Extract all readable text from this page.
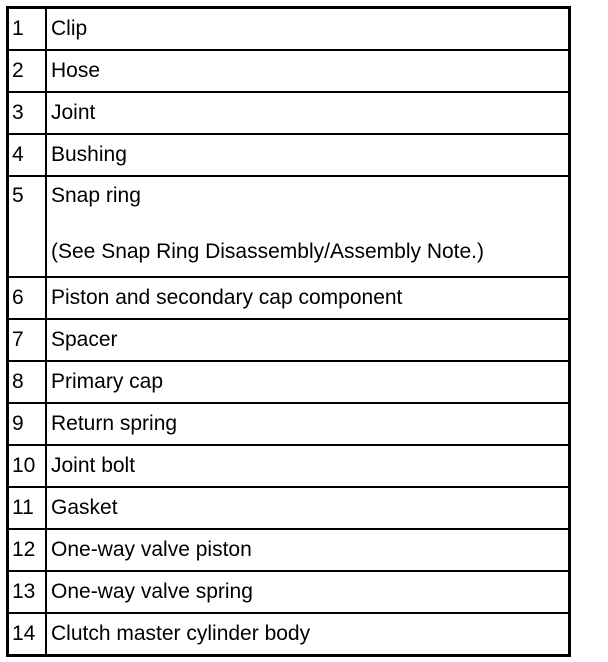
1	Clip
2	Hose
3	Joint
4	Bushing
5	Snap ring
(See Snap Ring Disassembly/Assembly Note.)

6	Piston and secondary cap component
7	Spacer
8	Primary cap
9	Return spring
10	Joint bolt
11	Gasket
12	One-way valve piston
13	One-way valve spring
14	Clutch master cylinder body
